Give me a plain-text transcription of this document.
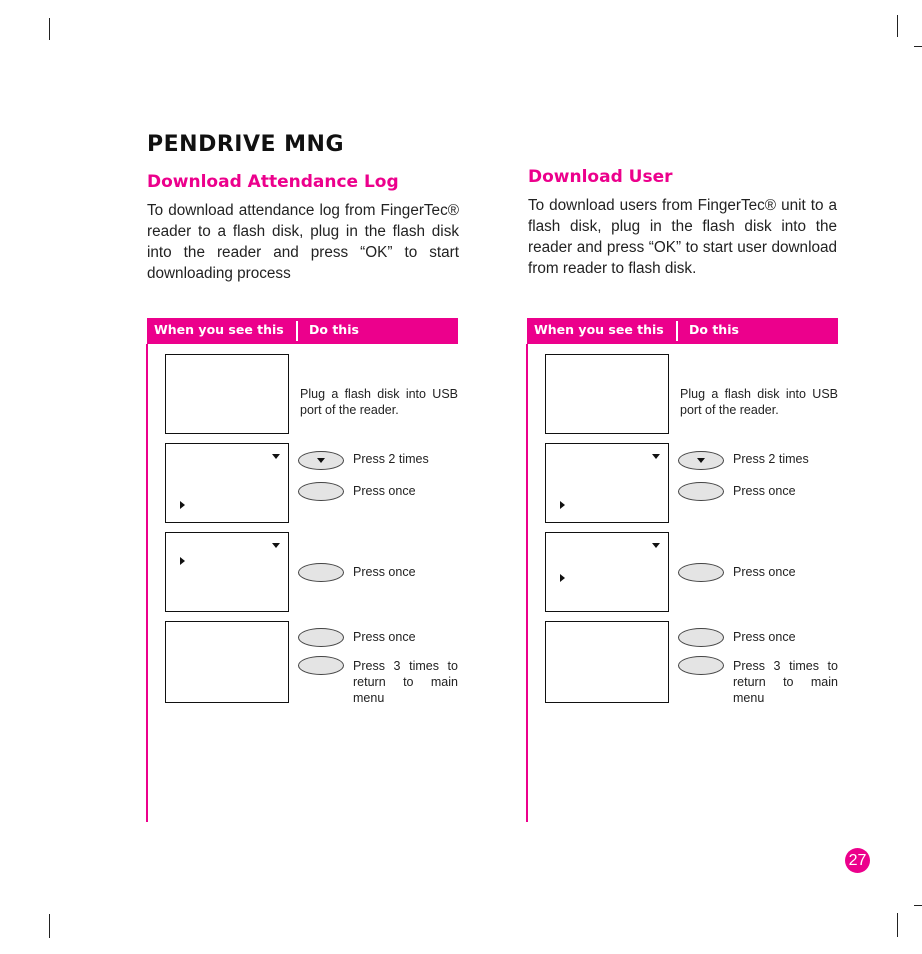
PENDRIVE MNG
Download Attendance Log

To download attendance log from FingerTec® reader to a flash disk, plug in the flash disk into the reader and press “OK” to start downloading process

When you see this Do this

Plug a flash disk into USB port of the reader.

Press 2 times

Press once

Press once

Press once

Press 3 times to return to main menu

Download User

To download users from FingerTec® unit to a flash disk, plug in the flash disk into the reader and press “OK” to start user download from reader to flash disk.

When you see this Do this

Plug a flash disk into USB port of the reader.

Press 2 times

Press once

Press once

Press once

Press 3 times to return to main menu

27
